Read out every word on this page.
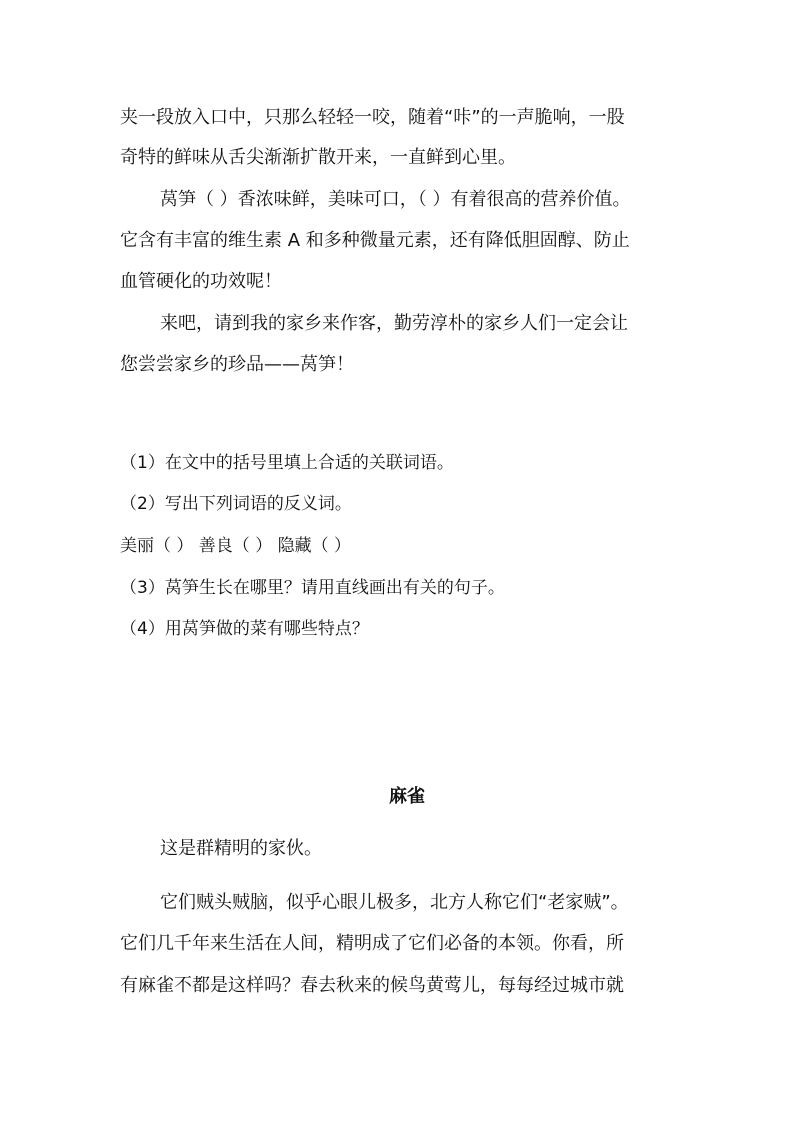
夹一段放入口中，只那么轻轻一咬，随着“咔”的一声脆响，一股
奇特的鲜味从舌尖渐渐扩散开来，一直鲜到心里。
莴笋（ ）香浓味鲜，美味可口，（ ）有着很高的营养价值。
它含有丰富的维生素 A 和多种微量元素，还有降低胆固醇、防止
血管硬化的功效呢！
来吧，请到我的家乡来作客，勤劳淳朴的家乡人们一定会让
您尝尝家乡的珍品——莴笋！
（1）在文中的括号里填上合适的关联词语。
（2）写出下列词语的反义词。
美丽（ ） 善良（ ） 隐藏（ ）
（3）莴笋生长在哪里？请用直线画出有关的句子。
（4）用莴笋做的菜有哪些特点？
麻雀
这是群精明的家伙。
它们贼头贼脑，似乎心眼儿极多，北方人称它们“老家贼”。
它们几千年来生活在人间，精明成了它们必备的本领。你看，所
有麻雀不都是这样吗？春去秋来的候鸟黄莺儿，每每经过城市就
